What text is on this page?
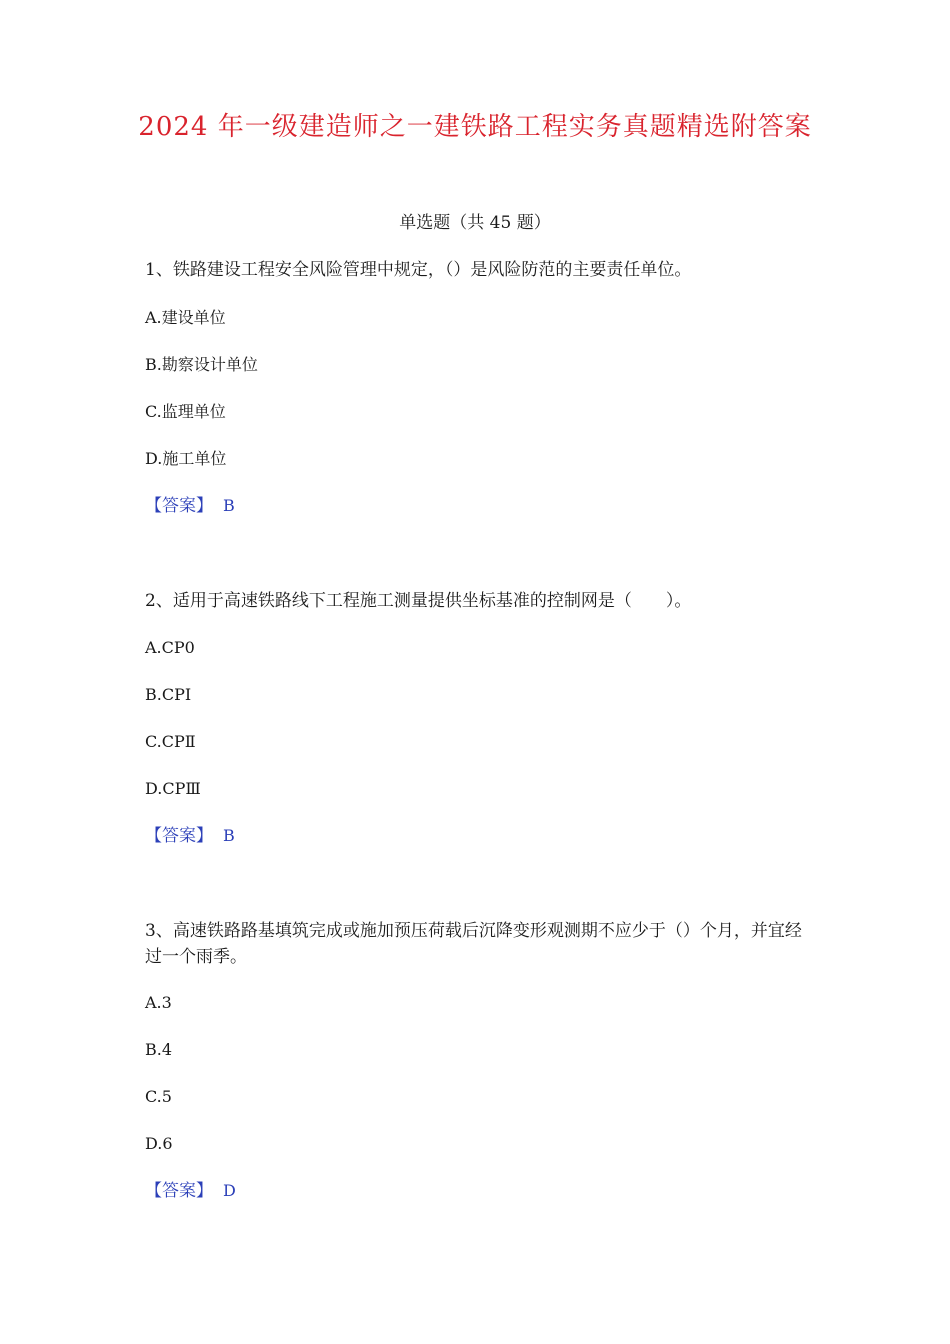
2024 年一级建造师之一建铁路工程实务真题精选附答案
单选题（共 45 题）

1、铁路建设工程安全风险管理中规定，（）是风险防范的主要责任单位。

A.建设单位
B.勘察设计单位
C.监理单位
D.施工单位
【答案】 B

2、适用于高速铁路线下工程施工测量提供坐标基准的控制网是（　　）。

A.CP0
B.CPⅠ
C.CPⅡ
D.CPⅢ
【答案】 B

3、高速铁路路基填筑完成或施加预压荷载后沉降变形观测期不应少于（）个月，并宜经过一个雨季。

A.3
B.4
C.5
D.6
【答案】 D
